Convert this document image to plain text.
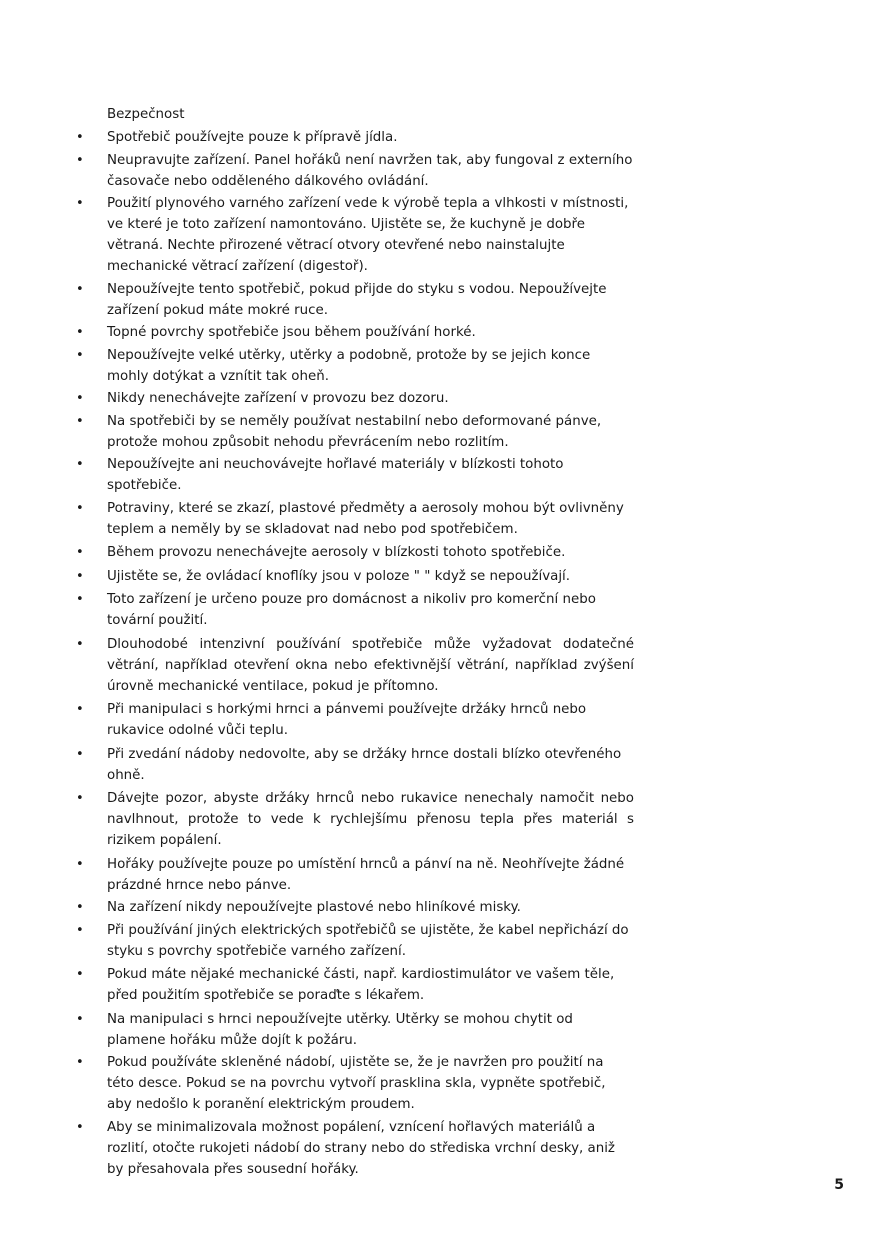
Bezpečnost

• Spotřebič používejte pouze k přípravě jídla.
• Neupravujte zařízení. Panel hořáků není navržen tak, aby fungoval z externího časovače nebo odděleného dálkového ovládání.
• Použití plynového varného zařízení vede k výrobě tepla a vlhkosti v místnosti, ve které je toto zařízení namontováno. Ujistěte se, že kuchyně je dobře větraná. Nechte přirozené větrací otvory otevřené nebo nainstalujte mechanické větrací zařízení (digestoř).
• Nepoužívejte tento spotřebič, pokud přijde do styku s vodou. Nepoužívejte zařízení pokud máte mokré ruce.
• Topné povrchy spotřebiče jsou během používání horké.
• Nepoužívejte velké utěrky, utěrky a podobně, protože by se jejich konce mohly dotýkat a vznítit tak oheň.
• Nikdy nenechávejte zařízení v provozu bez dozoru.
• Na spotřebiči by se neměly používat nestabilní nebo deformované pánve, protože mohou způsobit nehodu převrácením nebo rozlitím.
• Nepoužívejte ani neuchovávejte hořlavé materiály v blízkosti tohoto spotřebiče.
• Potraviny, které se zkazí, plastové předměty a aerosoly mohou být ovlivněny teplem a neměly by se skladovat nad nebo pod spotřebičem.
• Během provozu nenechávejte aerosoly v blízkosti tohoto spotřebiče.
• Ujistěte se, že ovládací knoflíky jsou v poloze " " když se nepoužívají.
• Toto zařízení je určeno pouze pro domácnost a nikoliv pro komerční nebo tovární použití.
• Dlouhodobé intenzivní používání spotřebiče může vyžadovat dodatečné větrání, například otevření okna nebo efektivnější větrání, například zvýšení úrovně mechanické ventilace, pokud je přítomno.
• Při manipulaci s horkými hrnci a pánvemi používejte držáky hrnců nebo rukavice odolné vůči teplu.
• Při zvedání nádoby nedovolte, aby se držáky hrnce dostali blízko otevřeného ohně.
• Dávejte pozor, abyste držáky hrnců nebo rukavice nenechaly namočit nebo navlhnout, protože to vede k rychlejšímu přenosu tepla přes materiál s rizikem popálení.
• Hořáky používejte pouze po umístění hrnců a pánví na ně. Neohřívejte žádné prázdné hrnce nebo pánve.
• Na zařízení nikdy nepoužívejte plastové nebo hliníkové misky.
• Při používání jiných elektrických spotřebičů se ujistěte, že kabel nepřichází do styku s povrchy spotřebiče varného zařízení.
• Pokud máte nějaké mechanické části, např. kardiostimulátor ve vašem těle, před použitím spotřebiče se poraďte s lékařem.
• Na manipulaci s hrnci nepoužívejte utěrky. Utěrky se mohou chytit od plamene hořáku může dojít k požáru.
• Pokud používáte skleněné nádobí, ujistěte se, že je navržen pro použití na této desce. Pokud se na povrchu vytvoří prasklina skla, vypněte spotřebič, aby nedošlo k poranění elektrickým proudem.
• Aby se minimalizovala možnost popálení, vznícení hořlavých materiálů a rozlití, otočte rukojeti nádobí do strany nebo do střediska vrchní desky, aniž by přesahovala přes sousední hořáky.
5
